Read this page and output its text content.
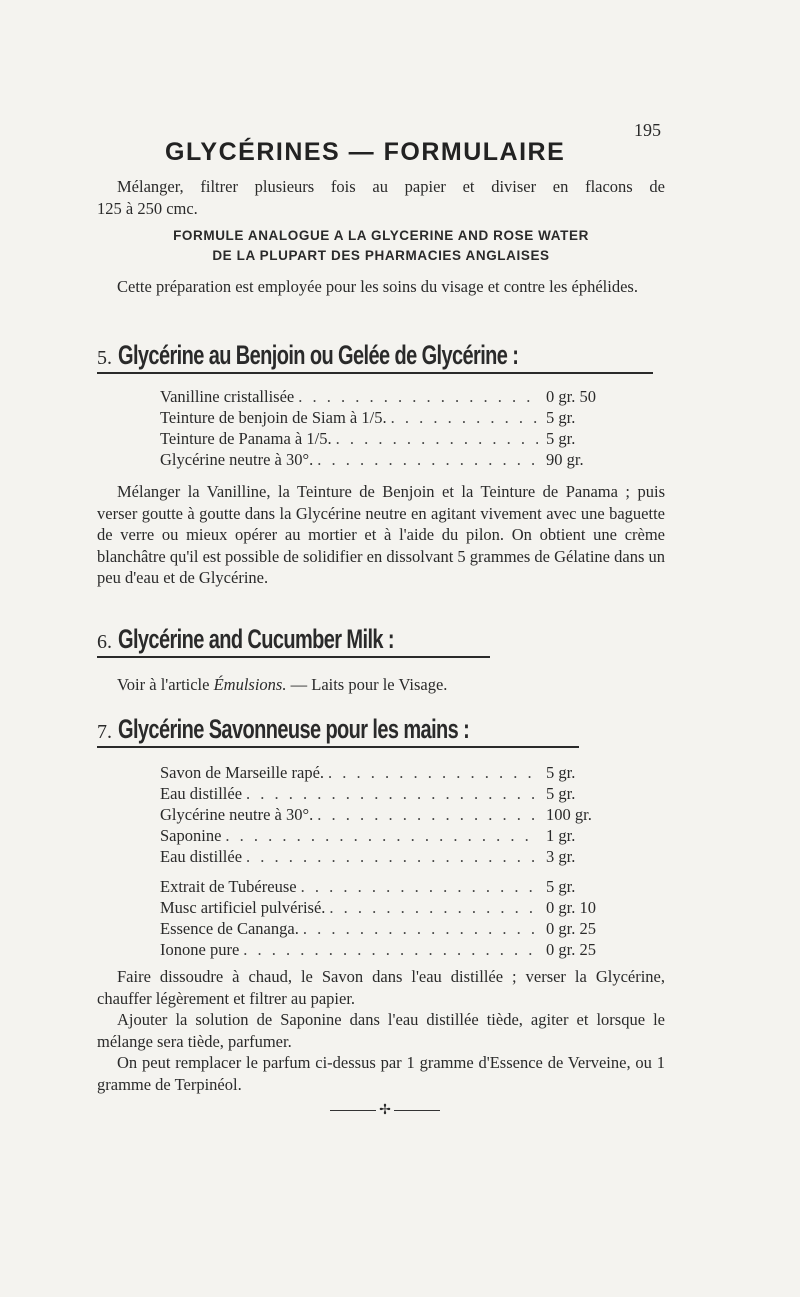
195
GLYCÉRINES — FORMULAIRE
Mélanger, filtrer plusieurs fois au papier et diviser en flacons de
125 à 250 cmc.
FORMULE ANALOGUE A LA GLYCERINE AND ROSE WATER
DE LA PLUPART DES PHARMACIES ANGLAISES
Cette préparation est employée pour les soins du visage et contre les éphélides.
5. Glycérine au Benjoin ou Gelée de Glycérine :
Vanilline cristallisée . . .	0 gr. 50
Teinture de benjoin de Siam à 1/5. . . .	5 gr.
Teinture de Panama à 1/5. . . .	5 gr.
Glycérine neutre à 30°. . . .	90 gr.
Mélanger la Vanilline, la Teinture de Benjoin et la Teinture de Panama ; puis verser goutte à goutte dans la Glycérine neutre en agitant vivement avec une baguette de verre ou mieux opérer au mortier et à l'aide du pilon. On obtient une crème blanchâtre qu'il est possible de solidifier en dissolvant 5 grammes de Gélatine dans un peu d'eau et de Glycérine.
6. Glycérine and Cucumber Milk :
Voir à l'article Émulsions. — Laits pour le Visage.
7. Glycérine Savonneuse pour les mains :
Savon de Marseille rapé. . . .	5 gr.
Eau distillée . . .	5 gr.
Glycérine neutre à 30°. . . .	100 gr.
Saponine . . .	1 gr.
Eau distillée . . .	3 gr.
Extrait de Tubéreuse . . .	5 gr.
Musc artificiel pulvérisé. . . .	0 gr. 10
Essence de Cananga. . . .	0 gr. 25
Ionone pure . . .	0 gr. 25
Faire dissoudre à chaud, le Savon dans l'eau distillée ; verser la Glycérine, chauffer légèrement et filtrer au papier.
Ajouter la solution de Saponine dans l'eau distillée tiède, agiter et lorsque le mélange sera tiède, parfumer.
On peut remplacer le parfum ci-dessus par 1 gramme d'Essence de Verveine, ou 1 gramme de Terpinéol.
✢
